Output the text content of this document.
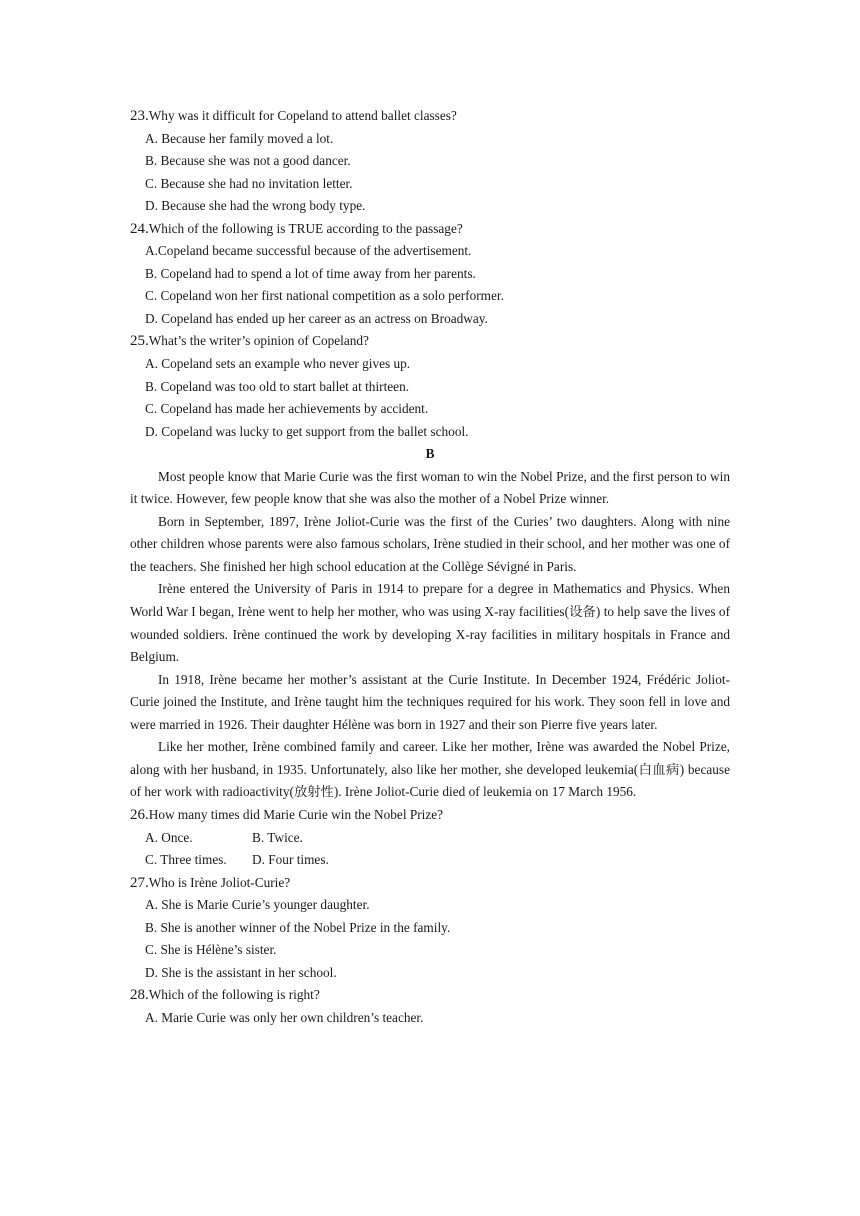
23.Why was it difficult for Copeland to attend ballet classes?
A. Because her family moved a lot.
B. Because she was not a good dancer.
C. Because she had no invitation letter.
D. Because she had the wrong body type.
24.Which of the following is TRUE according to the passage?
A.Copeland became successful because of the advertisement.
B. Copeland had to spend a lot of time away from her parents.
C. Copeland won her first national competition as a solo performer.
D. Copeland has ended up her career as an actress on Broadway.
25.What’s the writer’s opinion of Copeland?
A. Copeland sets an example who never gives up.
B. Copeland was too old to start ballet at thirteen.
C. Copeland has made her achievements by accident.
D. Copeland was lucky to get support from the ballet school.
B

Most people know that Marie Curie was the first woman to win the Nobel Prize, and the first person to win it twice. However, few people know that she was also the mother of a Nobel Prize winner.

Born in September, 1897, Irène Joliot-Curie was the first of the Curies’ two daughters. Along with nine other children whose parents were also famous scholars, Irène studied in their school, and her mother was one of the teachers. She finished her high school education at the Collège Sévigné in Paris.

Irène entered the University of Paris in 1914 to prepare for a degree in Mathematics and Physics. When World War I began, Irène went to help her mother, who was using X-ray facilities(设备) to help save the lives of wounded soldiers. Irène continued the work by developing X-ray facilities in military hospitals in France and Belgium.

In 1918, Irène became her mother’s assistant at the Curie Institute. In December 1924, Frédéric Joliot-Curie joined the Institute, and Irène taught him the techniques required for his work. They soon fell in love and were married in 1926. Their daughter Hélène was born in 1927 and their son Pierre five years later.

Like her mother, Irène combined family and career. Like her mother, Irène was awarded the Nobel Prize, along with her husband, in 1935. Unfortunately, also like her mother, she developed leukemia(白血病) because of her work with radioactivity(放射性). Irène Joliot-Curie died of leukemia on 17 March 1956.

26.How many times did Marie Curie win the Nobel Prize?
A. Once.	B. Twice.
C. Three times. D. Four times.
27.Who is Irène Joliot-Curie?
A. She is Marie Curie’s younger daughter.
B. She is another winner of the Nobel Prize in the family.
C. She is Hélène’s sister.
D. She is the assistant in her school.
28.Which of the following is right?
A. Marie Curie was only her own children’s teacher.
